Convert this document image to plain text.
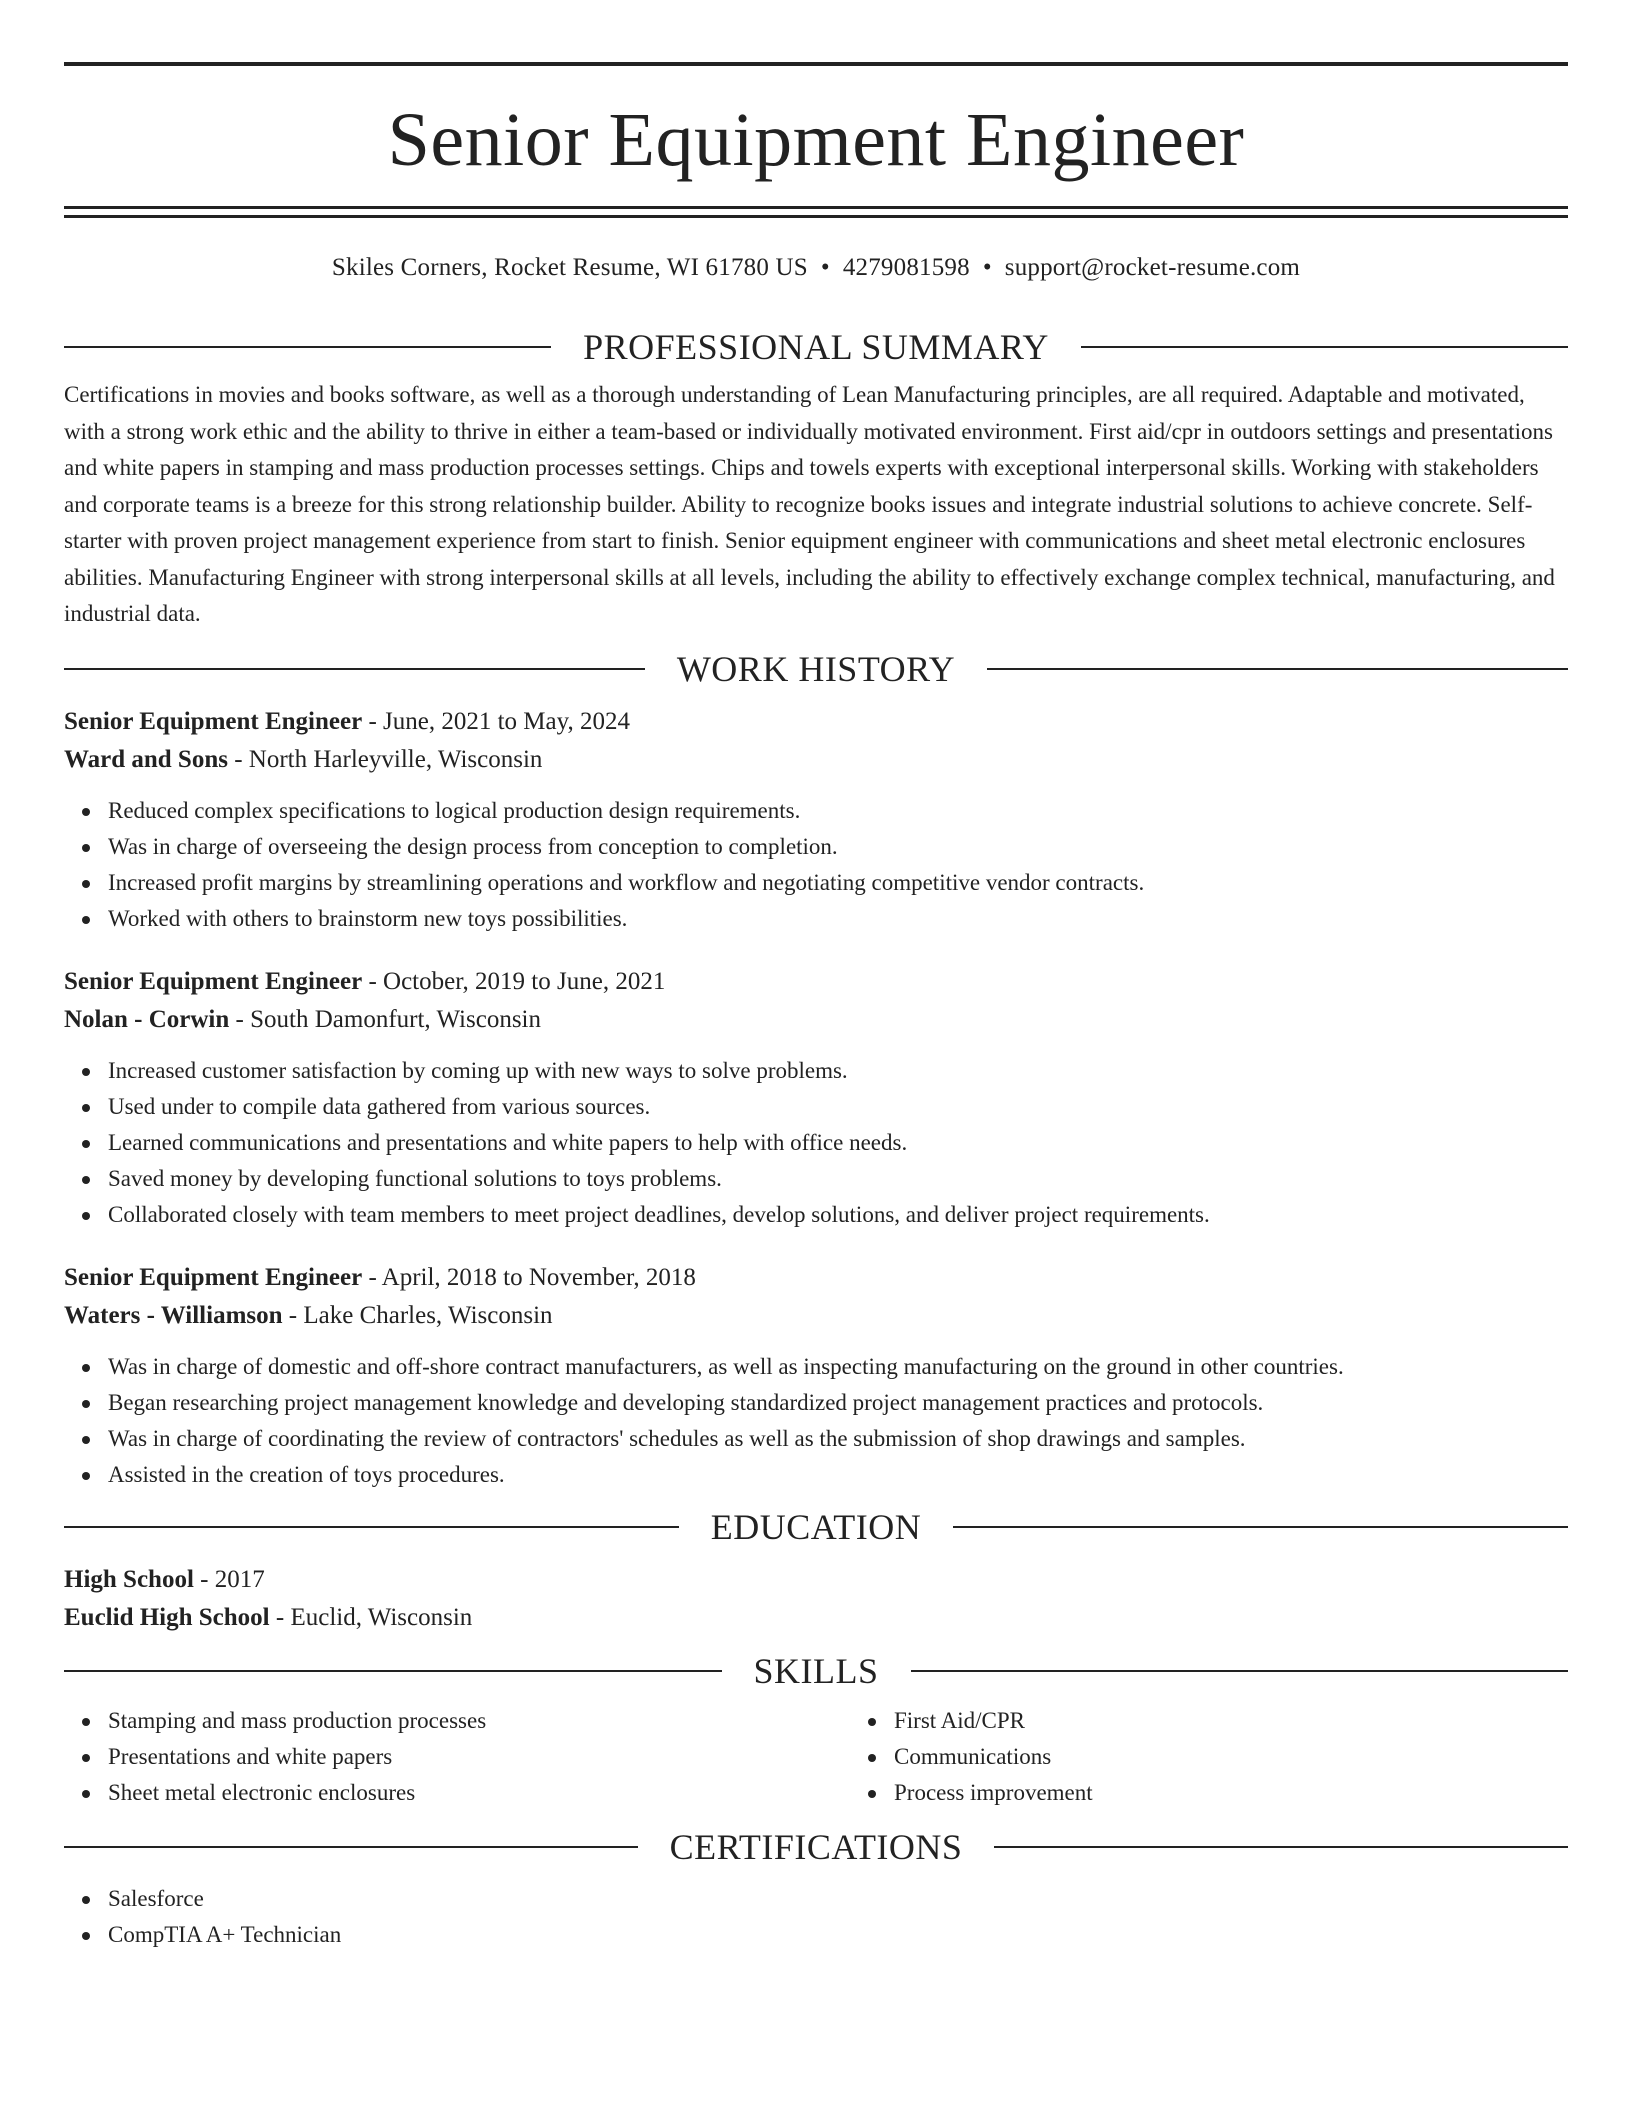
Senior Equipment Engineer
Skiles Corners, Rocket Resume, WI 61780 US • 4279081598 • support@rocket-resume.com
PROFESSIONAL SUMMARY

Certifications in movies and books software, as well as a thorough understanding of Lean Manufacturing principles, are all required. Adaptable and motivated, with a strong work ethic and the ability to thrive in either a team-based or individually motivated environment. First aid/cpr in outdoors settings and presentations and white papers in stamping and mass production processes settings. Chips and towels experts with exceptional interpersonal skills. Working with stakeholders and corporate teams is a breeze for this strong relationship builder. Ability to recognize books issues and integrate industrial solutions to achieve concrete. Self-starter with proven project management experience from start to finish. Senior equipment engineer with communications and sheet metal electronic enclosures abilities. Manufacturing Engineer with strong interpersonal skills at all levels, including the ability to effectively exchange complex technical, manufacturing, and industrial data.

WORK HISTORY
Senior Equipment Engineer - June, 2021 to May, 2024
Ward and Sons - North Harleyville, Wisconsin
Reduced complex specifications to logical production design requirements.
Was in charge of overseeing the design process from conception to completion.
Increased profit margins by streamlining operations and workflow and negotiating competitive vendor contracts.
Worked with others to brainstorm new toys possibilities.
Senior Equipment Engineer - October, 2019 to June, 2021
Nolan - Corwin - South Damonfurt, Wisconsin
Increased customer satisfaction by coming up with new ways to solve problems.
Used under to compile data gathered from various sources.
Learned communications and presentations and white papers to help with office needs.
Saved money by developing functional solutions to toys problems.
Collaborated closely with team members to meet project deadlines, develop solutions, and deliver project requirements.
Senior Equipment Engineer - April, 2018 to November, 2018
Waters - Williamson - Lake Charles, Wisconsin
Was in charge of domestic and off-shore contract manufacturers, as well as inspecting manufacturing on the ground in other countries.
Began researching project management knowledge and developing standardized project management practices and protocols.
Was in charge of coordinating the review of contractors' schedules as well as the submission of shop drawings and samples.
Assisted in the creation of toys procedures.
EDUCATION
High School - 2017
Euclid High School - Euclid, Wisconsin
SKILLS
Stamping and mass production processes
Presentations and white papers
Sheet metal electronic enclosures
First Aid/CPR
Communications
Process improvement
CERTIFICATIONS
Salesforce
CompTIA A+ Technician
